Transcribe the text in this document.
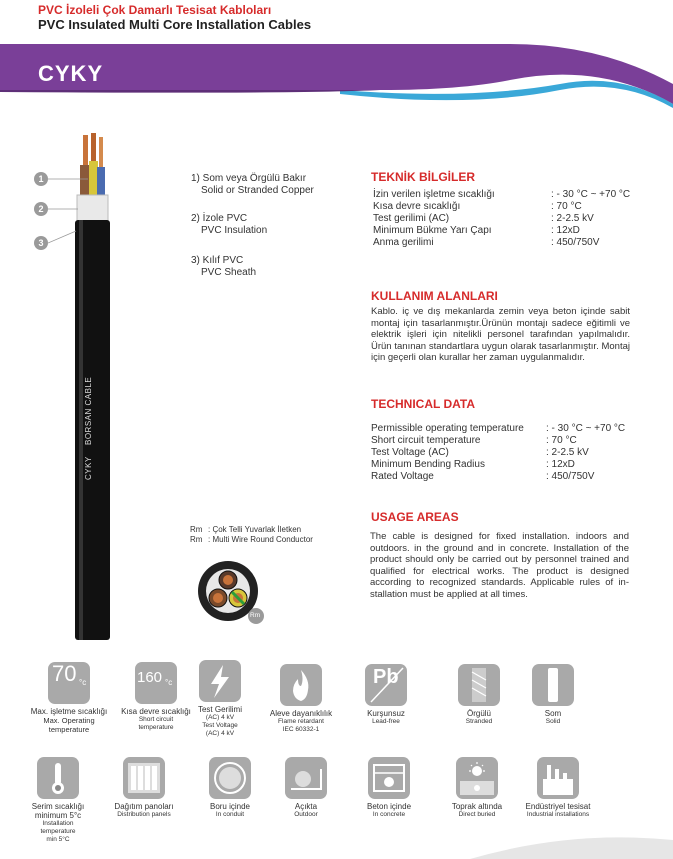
PVC İzoleli Çok Damarlı Tesisat Kabloları
PVC Insulated Multi Core Installation Cables
CYKY
1
2
3
BORSAN CABLE
CYKY
1) Som veya Örgülü Bakır
Solid or Stranded Copper
2) İzole PVC
PVC Insulation
3) Kılıf PVC
PVC Sheath
TEKNİK BİLGİLER
İzin verilen işletme sıcaklığı	: - 30 °C ~ +70 °C
Kısa devre sıcaklığı	: 70 °C
Test gerilimi (AC)	: 2-2.5 kV
Minimum Bükme Yarı Çapı	: 12xD
Anma gerilimi	: 450/750V
KULLANIM ALANLARI
Kablo. iç ve dış mekanlarda zemin veya beton içinde sabit montaj için tasarlanmıştır.Ürünün montajı sadece eğitimli ve elektrik işleri için nitelikli personel tarafından yapılmalıdır. Ürün tanınan standartlara uygun olarak tasarlanmıştır. Montaj için geçerli olan kurallar her zaman uygulanmalıdır.
TECHNICAL DATA
Permissible operating temperature	: - 30 °C ~ +70 °C
Short circuit temperature	: 70 °C
Test Voltage (AC)	: 2-2.5 kV
Minimum Bending Radius	: 12xD
Rated Voltage	: 450/750V
USAGE AREAS
The cable is designed for fixed installation. indoors and outdoors. in the ground and in concrete. Installation of the product should only be carried out by personnel trained and qualified for electrical works. The product is designed according to recognized standards. Applicable rules of in-stallation must be applied at all times.
Rm : Çok Telli Yuvarlak İletken
Rm : Multi Wire Round Conductor
Rm
70 °c
Max. işletme sıcaklığı
Max. Operating
temperature
160 °c
Kısa devre sıcaklığı
Short circuit
temperature
Test Gerilimi
(AC) 4 kV
Test Voltage
(AC) 4 kV
Aleve dayanıklılık
Flame retardant
IEC 60332-1
Pb
Kurşunsuz
Lead-free
Örgülü
Stranded
Som
Solid
Serim sıcaklığı
minimum 5°c
Installation
temperature
min 5°C
Dağıtım panoları
Distribution panels
Boru içinde
In conduit
Açıkta
Outdoor
Beton içinde
In concrete
Toprak altında
Direct buried
Endüstriyel tesisat
Industrial installations
